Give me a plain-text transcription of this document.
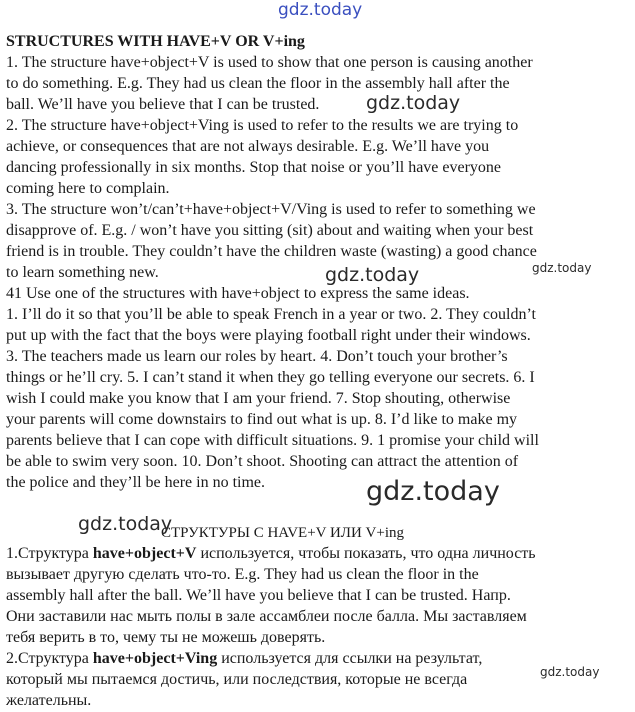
gdz.today
gdz.today
gdz.today
gdz.today
gdz.today
gdz.today
gdz.today

STRUCTURES WITH HAVE+V OR V+ing

1. The structure have+object+V is used to show that one person is causing another

to do something. E.g. They had us clean the floor in the assembly hall after the

ball. We’ll have you believe that I can be trusted.

2. The structure have+object+Ving is used to refer to the results we are trying to

achieve, or consequences that are not always desirable. E.g. We’ll have you

dancing professionally in six months. Stop that noise or you’ll have everyone

coming here to complain.

3. The structure won’t/can’t+have+object+V/Ving is used to refer to something we

disapprove of. E.g. / won’t have you sitting (sit) about and waiting when your best

friend is in trouble. They couldn’t have the children waste (wasting) a good chance

to learn something new.

41 Use one of the structures with have+object to express the same ideas.

1. I’ll do it so that you’ll be able to speak French in a year or two. 2. They couldn’t

put up with the fact that the boys were playing football right under their windows.

3. The teachers made us learn our roles by heart. 4. Don’t touch your brother’s

things or he’ll cry. 5. I can’t stand it when they go telling everyone our secrets. 6. I

wish I could make you know that I am your friend. 7. Stop shouting, otherwise

your parents will come downstairs to find out what is up. 8. I’d like to make my

parents believe that I can cope with difficult situations. 9. 1 promise your child will

be able to swim very soon. 10. Don’t shoot. Shooting can attract the attention of

the police and they’ll be here in no time.

СТРУКТУРЫ С HAVE+V ИЛИ V+ing

1.Структура have+object+V используется, чтобы показать, что одна личность

вызывает другую сделать что-то. E.g. They had us clean the floor in the

assembly hall after the ball. We’ll have you believe that I can be trusted. Напр.

Они заставили нас мыть полы в зале ассамблеи после балла. Мы заставляем

тебя верить в то, чему ты не можешь доверять.

2.Структура have+object+Ving используется для ссылки на результат,

который мы пытаемся достичь, или последствия, которые не всегда

желательны.
